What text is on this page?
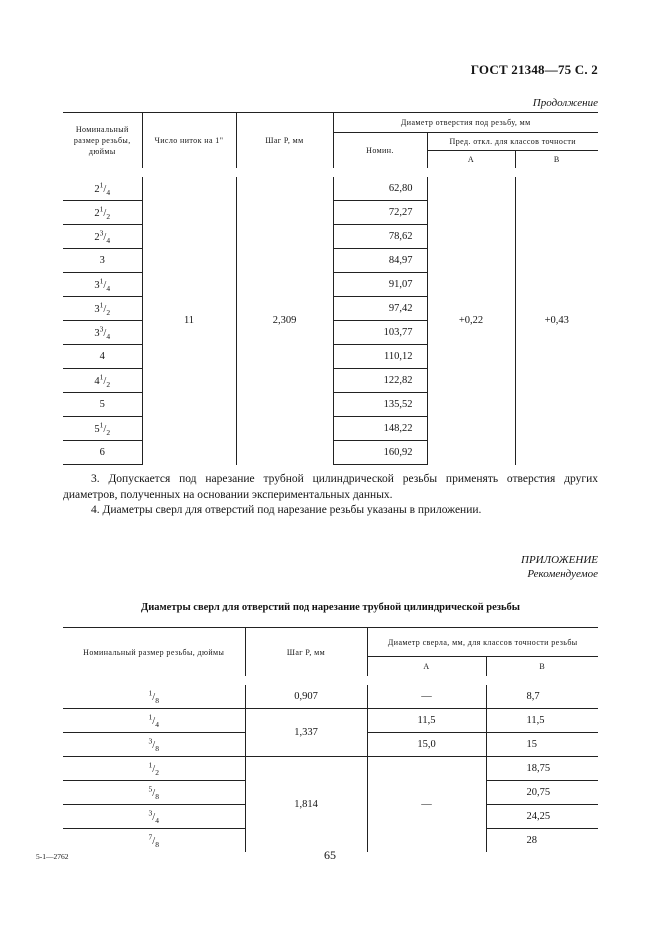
ГОСТ 21348—75 С. 2
Продолжение
Номинальный размер резьбы, дюймы	Число ниток на 1"	Шаг P, мм	Диаметр отверстия под резьбу, мм		
			Номин.	Пред. откл. для классов точности	
				А	В
$2^1/_4$	11	2,309	62,80	+0,22	+0,43
$2^1/_2$			72,27		
$2^3/_4$			78,62		
3			84,97		
$3^1/_4$			91,07		
$3^1/_2$			97,42		
$3^3/_4$			103,77		
4			110,12		
$4^1/_2$			122,82		
5			135,52		
$5^1/_2$			148,22		
6			160,92		
3. Допускается под нарезание трубной цилиндрической резьбы применять отверстия других диаметров, полученных на основании экспериментальных данных.
4. Диаметры сверл для отверстий под нарезание резьбы указаны в приложении.
ПРИЛОЖЕНИЕ
Рекомендуемое
Диаметры сверл для отверстий под нарезание трубной цилиндрической резьбы
Номинальный размер резьбы, дюймы	Шаг P, мм	Диаметр сверла, мм, для классов точности резьбы	
		А	В
$^1/_8$	0,907	—	8,7
$^1/_4$	1,337	11,5	11,5
$^3/_8$		15,0	15
$^1/_2$	1,814	—	18,75
$^5/_8$			20,75
$^3/_4$			24,25
$^7/_8$			28
5-1—2762	65
